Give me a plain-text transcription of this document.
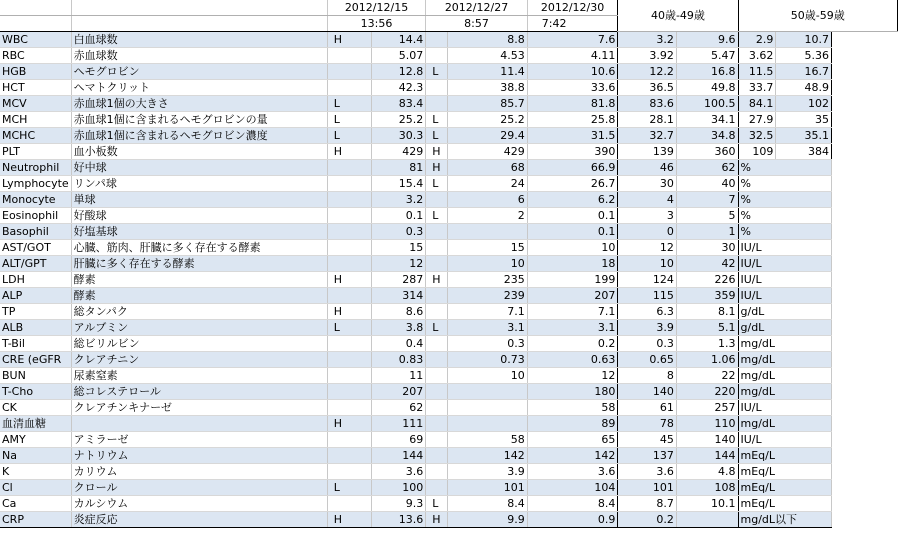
		2012/12/15		2012/12/27		2012/12/30	40歳-49歳		50歳-59歳	
		13:56		8:57		7:42				
WBC	白血球数	H	14.4		8.8	7.6	3.2	9.6	2.9	10.7
RBC	赤血球数		5.07		4.53	4.11	3.92	5.47	3.62	5.36
HGB	ヘモグロビン		12.8	L	11.4	10.6	12.2	16.8	11.5	16.7
HCT	ヘマトクリット		42.3		38.8	33.6	36.5	49.8	33.7	48.9
MCV	赤血球1個の大きさ	L	83.4		85.7	81.8	83.6	100.5	84.1	102
MCH	赤血球1個に含まれるヘモグロビンの量	L	25.2	L	25.2	25.8	28.1	34.1	27.9	35
MCHC	赤血球1個に含まれるヘモグロビン濃度	L	30.3	L	29.4	31.5	32.7	34.8	32.5	35.1
PLT	血小板数	H	429	H	429	390	139	360	109	384
Neutrophil	好中球		81	H	68	66.9	46	62	%	
Lymphocyte	リンパ球		15.4	L	24	26.7	30	40	%	
Monocyte	単球		3.2		6	6.2	4	7	%	
Eosinophil	好酸球		0.1	L	2	0.1	3	5	%	
Basophil	好塩基球		0.3			0.1	0	1	%	
AST/GOT	心臓、筋肉、肝臓に多く存在する酵素		15		15	10	12	30	IU/L	
ALT/GPT	肝臓に多く存在する酵素		12		10	18	10	42	IU/L	
LDH	酵素	H	287	H	235	199	124	226	IU/L	
ALP	酵素		314		239	207	115	359	IU/L	
TP	総タンパク	H	8.6		7.1	7.1	6.3	8.1	g/dL	
ALB	アルブミン	L	3.8	L	3.1	3.1	3.9	5.1	g/dL	
T-Bil	総ビリルビン		0.4		0.3	0.2	0.3	1.3	mg/dL	
CRE (eGFR	クレアチニン		0.83		0.73	0.63	0.65	1.06	mg/dL	
BUN	尿素窒素		11		10	12	8	22	mg/dL	
T-Cho	総コレステロール		207			180	140	220	mg/dL	
CK	クレアチンキナーゼ		62			58	61	257	IU/L	
血清血糖		H	111			89	78	110	mg/dL	
AMY	アミラーゼ		69		58	65	45	140	IU/L	
Na	ナトリウム		144		142	142	137	144	mEq/L	
K	カリウム		3.6		3.9	3.6	3.6	4.8	mEq/L	
Cl	クロール	L	100		101	104	101	108	mEq/L	
Ca	カルシウム		9.3	L	8.4	8.4	8.7	10.1	mEq/L	
CRP	炎症反応	H	13.6	H	9.9	0.9	0.2		mg/dL以下	
